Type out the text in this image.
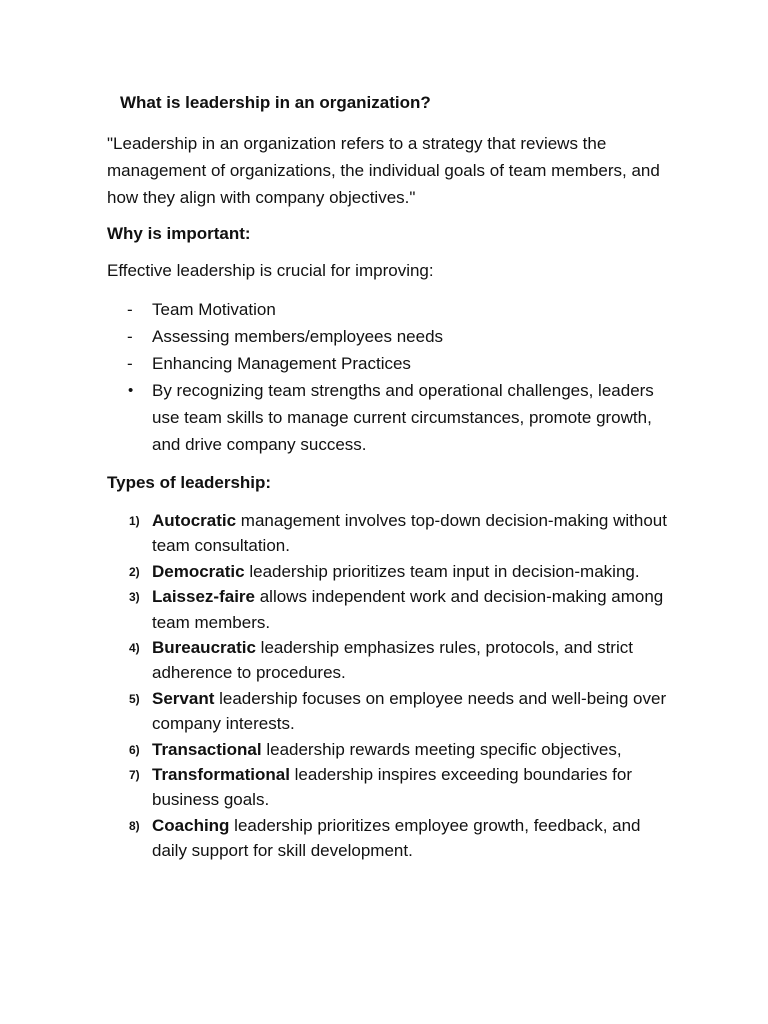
What is leadership in an organization?
"Leadership in an organization refers to a strategy that reviews the management of organizations, the individual goals of team members, and how they align with company objectives."
Why is important:
Effective leadership is crucial for improving:
-	Team Motivation
-	Assessing members/employees needs
-	Enhancing Management Practices
•	By recognizing team strengths and operational challenges, leaders use team skills to manage current circumstances, promote growth, and drive company success.
Types of leadership:
1) Autocratic management involves top-down decision-making without team consultation.
2) Democratic leadership prioritizes team input in decision-making.
3) Laissez-faire allows independent work and decision-making among team members.
4) Bureaucratic leadership emphasizes rules, protocols, and strict adherence to procedures.
5) Servant leadership focuses on employee needs and well-being over company interests.
6) Transactional leadership rewards meeting specific objectives,
7) Transformational leadership inspires exceeding boundaries for business goals.
8) Coaching leadership prioritizes employee growth, feedback, and daily support for skill development.
